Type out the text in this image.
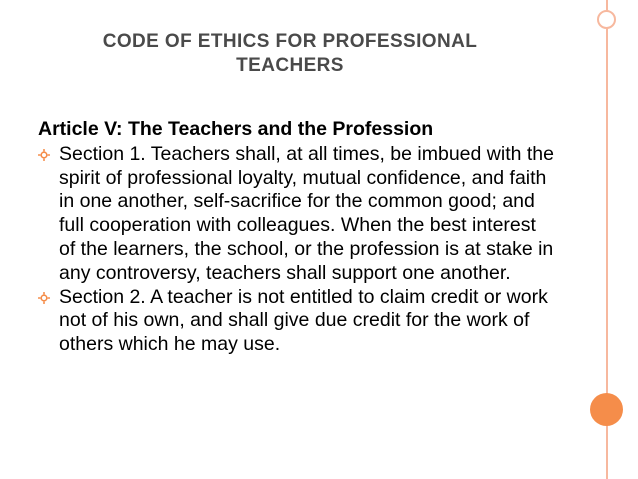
CODE OF ETHICS FOR PROFESSIONAL
TEACHERS
Article V: The Teachers and the Profession
Section 1. Teachers shall, at all times, be imbued with the spirit of professional loyalty, mutual confidence, and faith in one another, self-sacrifice for the common good; and full cooperation with colleagues. When the best interest of the learners, the school, or the profession is at stake in any controversy, teachers shall support one another.
Section 2. A teacher is not entitled to claim credit or work not of his own, and shall give due credit for the work of others which he may use.
